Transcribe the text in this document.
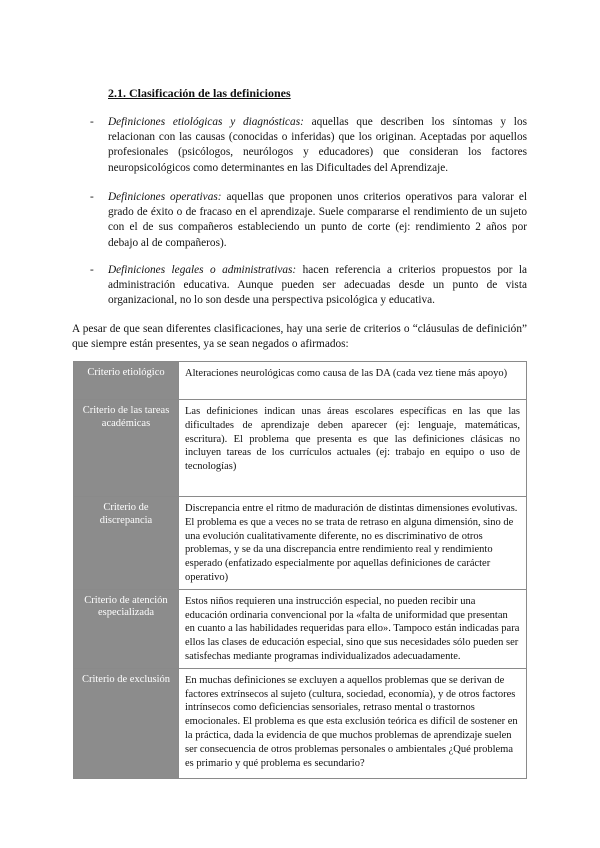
2.1. Clasificación de las definiciones
- Definiciones etiológicas y diagnósticas: aquellas que describen los síntomas y los relacionan con las causas (conocidas o inferidas) que los originan. Aceptadas por aquellos profesionales (psicólogos, neurólogos y educadores) que consideran los factores neuropsicológicos como determinantes en las Dificultades del Aprendizaje.
- Definiciones operativas: aquellas que proponen unos criterios operativos para valorar el grado de éxito o de fracaso en el aprendizaje. Suele compararse el rendimiento de un sujeto con el de sus compañeros estableciendo un punto de corte (ej: rendimiento 2 años por debajo al de compañeros).
- Definiciones legales o administrativas: hacen referencia a criterios propuestos por la administración educativa. Aunque pueden ser adecuadas desde un punto de vista organizacional, no lo son desde una perspectiva psicológica y educativa.
A pesar de que sean diferentes clasificaciones, hay una serie de criterios o “cláusulas de definición” que siempre están presentes, ya se sean negados o afirmados:
Criterio etiológico	Alteraciones neurológicas como causa de las DA (cada vez tiene más apoyo)
Criterio de las tareas académicas	Las definiciones indican unas áreas escolares específicas en las que las dificultades de aprendizaje deben aparecer (ej: lenguaje, matemáticas, escritura). El problema que presenta es que las definiciones clásicas no incluyen tareas de los currículos actuales (ej: trabajo en equipo o uso de tecnologías)
Criterio de discrepancia	Discrepancia entre el ritmo de maduración de distintas dimensiones evolutivas. El problema es que a veces no se trata de retraso en alguna dimensión, sino de una evolución cualitativamente diferente, no es discriminativo de otros problemas, y se da una discrepancia entre rendimiento real y rendimiento esperado (enfatizado especialmente por aquellas definiciones de carácter operativo)
Criterio de atención especializada	Estos niños requieren una instrucción especial, no pueden recibir una educación ordinaria convencional por la «falta de uniformidad que presentan en cuanto a las habilidades requeridas para ello». Tampoco están indicadas para ellos las clases de educación especial, sino que sus necesidades sólo pueden ser satisfechas mediante programas individualizados adecuadamente.
Criterio de exclusión	En muchas definiciones se excluyen a aquellos problemas que se derivan de factores extrínsecos al sujeto (cultura, sociedad, economía), y de otros factores intrínsecos como deficiencias sensoriales, retraso mental o trastornos emocionales. El problema es que esta exclusión teórica es difícil de sostener en la práctica, dada la evidencia de que muchos problemas de aprendizaje suelen ser consecuencia de otros problemas personales o ambientales ¿Qué problema es primario y qué problema es secundario?
